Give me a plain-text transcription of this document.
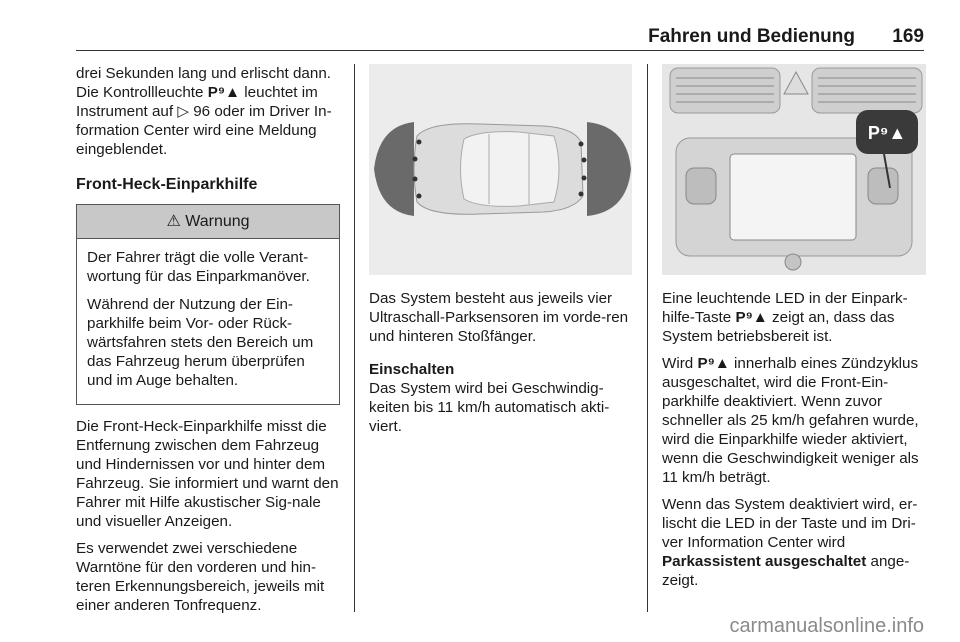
Fahren und Bedienung 169

drei Sekunden lang und erlischt dann. Die Kontrollleuchte P⁹▲ leuchtet im Instrument auf ▷ 96 oder im Driver In-formation Center wird eine Meldung eingeblendet.

Front-Heck-Einparkhilfe
⚠ Warnung

Der Fahrer trägt die volle Verant-wortung für das Einparkmanöver.

Während der Nutzung der Ein-parkhilfe beim Vor- oder Rück-wärtsfahren stets den Bereich um das Fahrzeug herum überprüfen und im Auge behalten.

Die Front-Heck-Einparkhilfe misst die Entfernung zwischen dem Fahrzeug und Hindernissen vor und hinter dem Fahrzeug. Sie informiert und warnt den Fahrer mit Hilfe akustischer Sig-nale und visueller Anzeigen.

Es verwendet zwei verschiedene Warntöne für den vorderen und hin-teren Erkennungsbereich, jeweils mit einer anderen Tonfrequenz.

Das System besteht aus jeweils vier Ultraschall-Parksensoren im vorde-ren und hinteren Stoßfänger.

Einschalten

Das System wird bei Geschwindig-keiten bis 11 km/h automatisch akti-viert.

P⁹▲

Eine leuchtende LED in der Einpark-hilfe-Taste P⁹▲ zeigt an, dass das System betriebsbereit ist.

Wird P⁹▲ innerhalb eines Zündzyklus ausgeschaltet, wird die Front-Ein-parkhilfe deaktiviert. Wenn zuvor schneller als 25 km/h gefahren wurde, wird die Einparkhilfe wieder aktiviert, wenn die Geschwindigkeit weniger als 11 km/h beträgt.

Wenn das System deaktiviert wird, er-lischt die LED in der Taste und im Dri-ver Information Center wird Parkassistent ausgeschaltet ange-zeigt.

carmanualsonline.info
